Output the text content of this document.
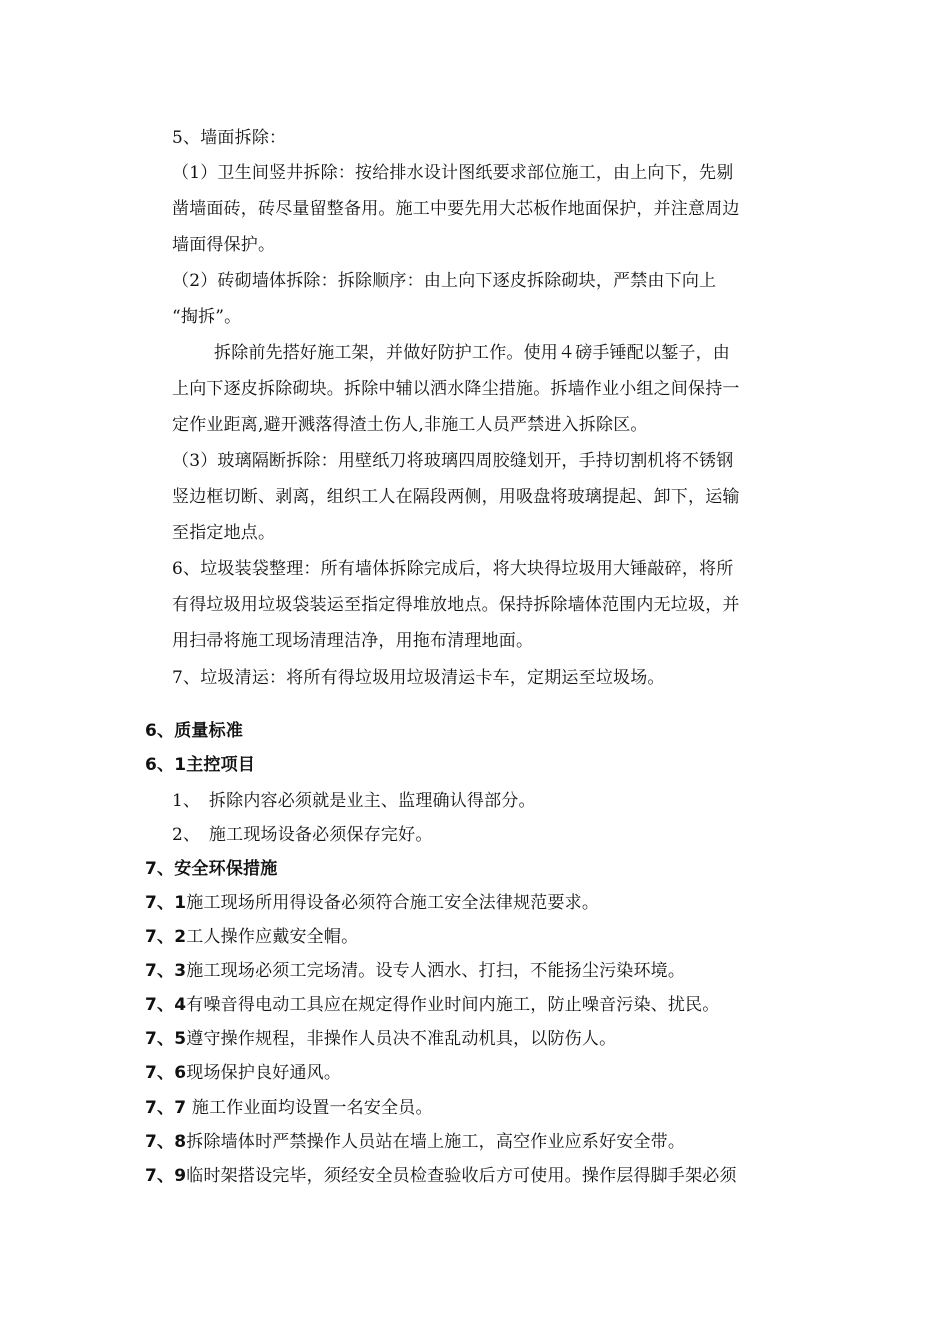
5、墙面拆除：
（1）卫生间竖井拆除：按给排水设计图纸要求部位施工，由上向下，先剔
凿墙面砖，砖尽量留整备用。施工中要先用大芯板作地面保护，并注意周边
墙面得保护。
（2）砖砌墙体拆除：拆除顺序：由上向下逐皮拆除砌块，严禁由下向上
“掏拆”。
拆除前先搭好施工架，并做好防护工作。使用４磅手锤配以錾子，由
上向下逐皮拆除砌块。拆除中辅以洒水降尘措施。拆墙作业小组之间保持一
定作业距离,避开溅落得渣土伤人,非施工人员严禁进入拆除区。
（3）玻璃隔断拆除：用壁纸刀将玻璃四周胶缝划开，手持切割机将不锈钢
竖边框切断、剥离，组织工人在隔段两侧，用吸盘将玻璃提起、卸下，运输
至指定地点。
6、垃圾装袋整理：所有墙体拆除完成后，将大块得垃圾用大锤敲碎，将所
有得垃圾用垃圾袋装运至指定得堆放地点。保持拆除墙体范围内无垃圾，并
用扫帚将施工现场清理洁净，用拖布清理地面。
7、垃圾清运：将所有得垃圾用垃圾清运卡车，定期运至垃圾场。
6、质量标准
6、1主控项目
1、　拆除内容必须就是业主、监理确认得部分。
2、　施工现场设备必须保存完好。
7、安全环保措施
7、1施工现场所用得设备必须符合施工安全法律规范要求。
7、2工人操作应戴安全帽。
7、3施工现场必须工完场清。设专人洒水、打扫，不能扬尘污染环境。
7、4有噪音得电动工具应在规定得作业时间内施工，防止噪音污染、扰民。
7、5遵守操作规程，非操作人员决不准乱动机具，以防伤人。
7、6现场保护良好通风。
7、7 施工作业面均设置一名安全员。
7、8拆除墙体时严禁操作人员站在墙上施工，高空作业应系好安全带。
7、9临时架搭设完毕，须经安全员检查验收后方可使用。操作层得脚手架必须
